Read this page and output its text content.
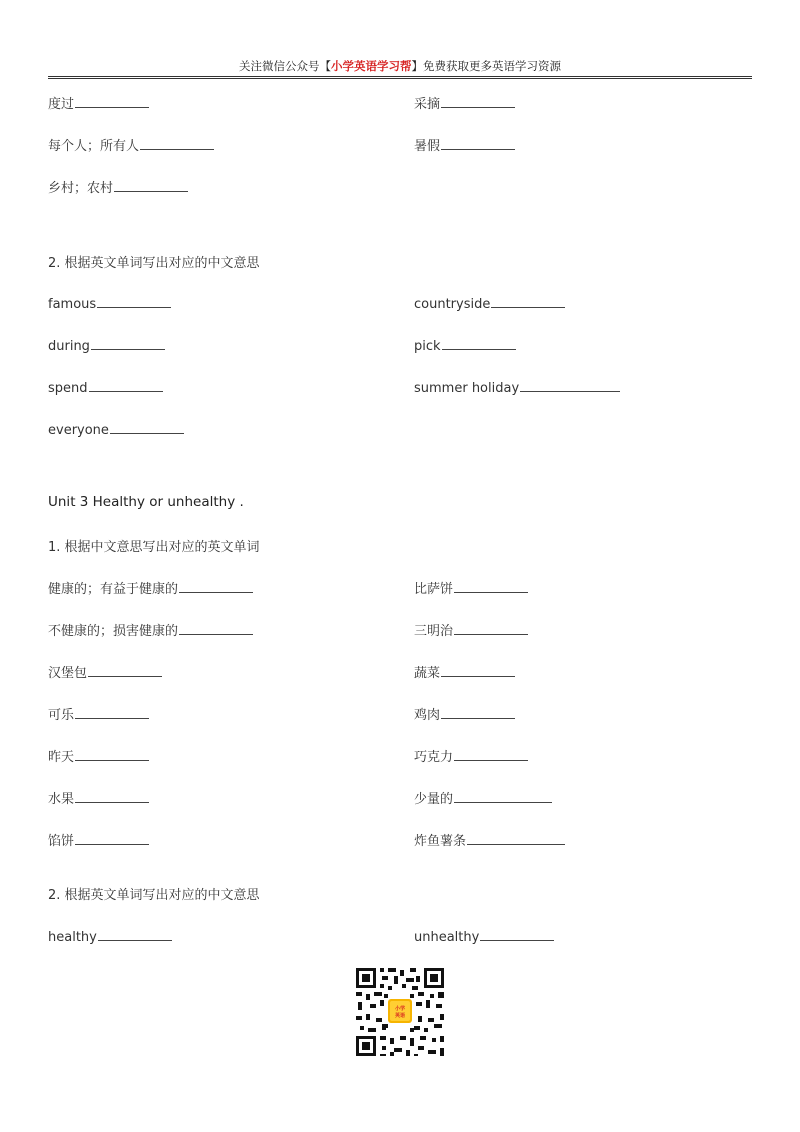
关注微信公众号【小学英语学习帮】免费获取更多英语学习资源
度过	采摘
每个人；所有人	暑假
乡村；农村
2. 根据英文单词写出对应的中文意思
famous	countryside
during	pick
spend	summer holiday
everyone
Unit 3 Healthy or unhealthy .
1. 根据中文意思写出对应的英文单词
健康的；有益于健康的	比萨饼
不健康的；损害健康的	三明治
汉堡包	蔬菜
可乐	鸡肉
昨天	巧克力
水果	少量的
馅饼	炸鱼薯条
2. 根据英文单词写出对应的中文意思
healthy	unhealthy
小学
英语
